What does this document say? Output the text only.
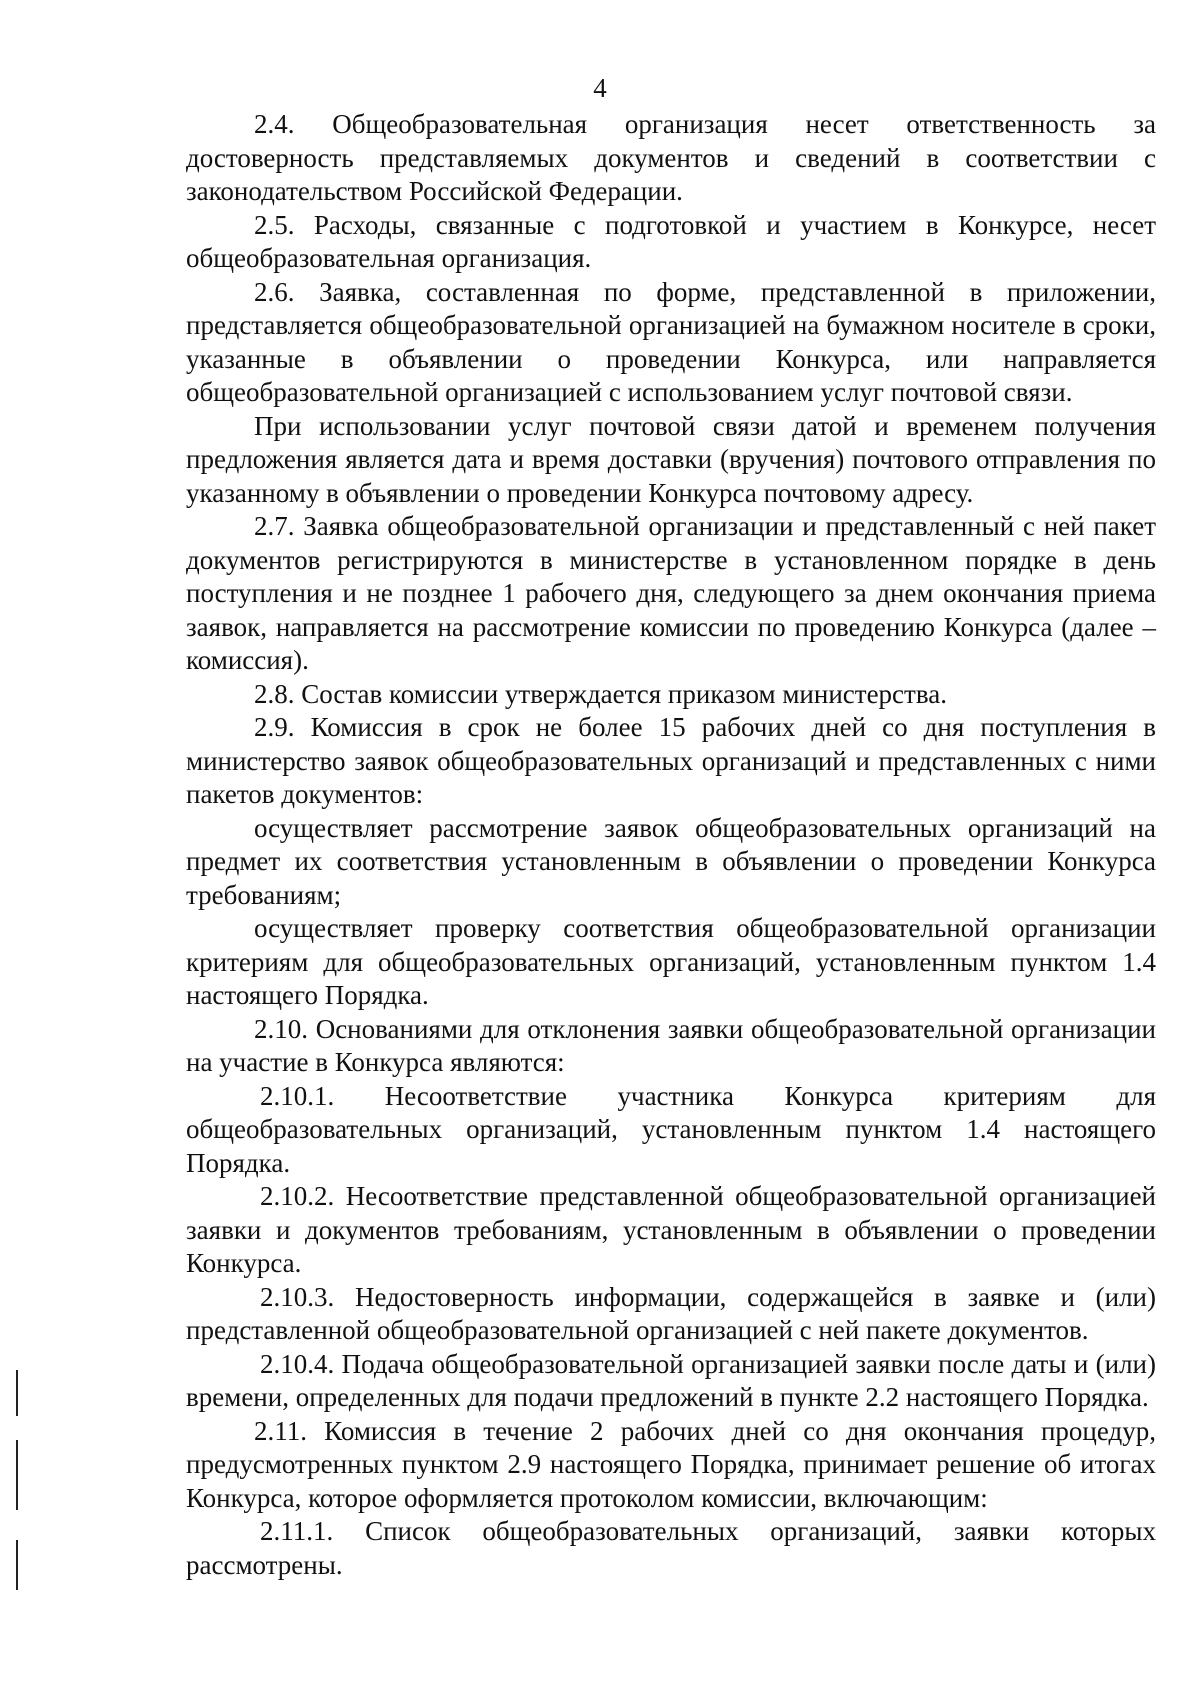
4

2.4. Общеобразовательная организация несет ответственность за достоверность представляемых документов и сведений в соответствии с законодательством Российской Федерации.

2.5. Расходы, связанные с подготовкой и участием в Конкурсе, несет общеобразовательная организация.

2.6. Заявка, составленная по форме, представленной в приложении, представляется общеобразовательной организацией на бумажном носителе в сроки, указанные в объявлении о проведении Конкурса, или направляется общеобразовательной организацией с использованием услуг почтовой связи.

При использовании услуг почтовой связи датой и временем получения предложения является дата и время доставки (вручения) почтового отправления по указанному в объявлении о проведении Конкурса почтовому адресу.

2.7. Заявка общеобразовательной организации и представленный с ней пакет документов регистрируются в министерстве в установленном порядке в день поступления и не позднее 1 рабочего дня, следующего за днем окончания приема заявок, направляется на рассмотрение комиссии по проведению Конкурса (далее – комиссия).

2.8. Состав комиссии утверждается приказом министерства.

2.9. Комиссия в срок не более 15 рабочих дней со дня поступления в министерство заявок общеобразовательных организаций и представленных с ними пакетов документов:

осуществляет рассмотрение заявок общеобразовательных организаций на предмет их соответствия установленным в объявлении о проведении Конкурса требованиям;

осуществляет проверку соответствия общеобразовательной организации критериям для общеобразовательных организаций, установленным пунктом 1.4 настоящего Порядка.

2.10. Основаниями для отклонения заявки общеобразовательной организации на участие в Конкурса являются:

2.10.1. Несоответствие участника Конкурса критериям для общеобразовательных организаций, установленным пунктом 1.4 настоящего Порядка.

2.10.2. Несоответствие представленной общеобразовательной организацией заявки и документов требованиям, установленным в объявлении о проведении Конкурса.

2.10.3. Недостоверность информации, содержащейся в заявке и (или) представленной общеобразовательной организацией с ней пакете документов.

2.10.4. Подача общеобразовательной организацией заявки после даты и (или) времени, определенных для подачи предложений в пункте 2.2 настоящего Порядка.

2.11. Комиссия в течение 2 рабочих дней со дня окончания процедур, предусмотренных пунктом 2.9 настоящего Порядка, принимает решение об итогах Конкурса, которое оформляется протоколом комиссии, включающим:

2.11.1. Список общеобразовательных организаций, заявки которых рассмотрены.
